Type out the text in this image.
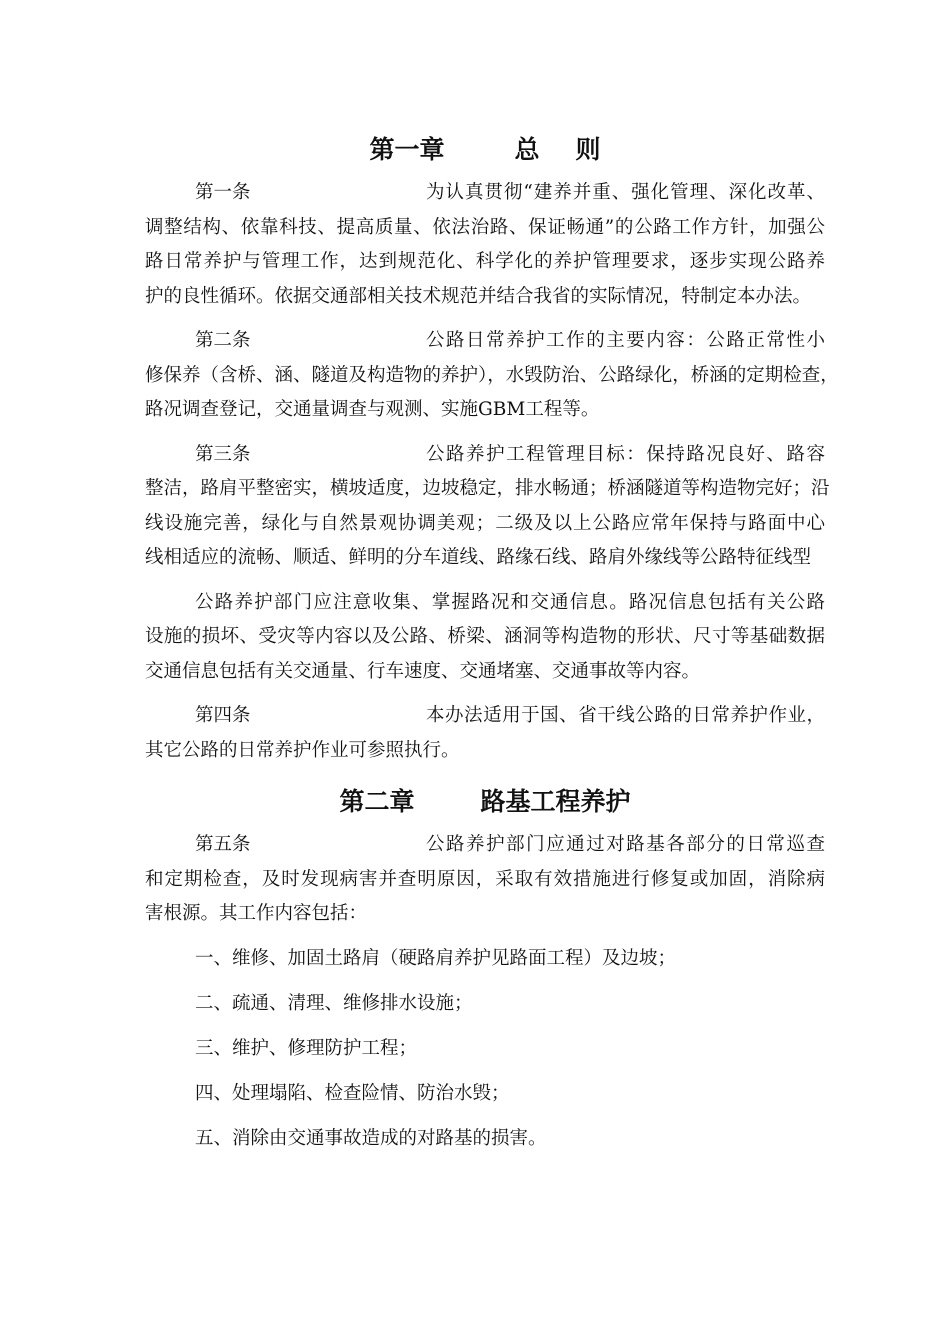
第一章	总 则
第一条	为认真贯彻“建养并重、强化管理、深化改革、
调整结构、依靠科技、提高质量、依法治路、保证畅通”的公路工作方针，加强公
路日常养护与管理工作，达到规范化、科学化的养护管理要求，逐步实现公路养
护的良性循环。依据交通部相关技术规范并结合我省的实际情况，特制定本办法。
第二条	公路日常养护工作的主要内容：公路正常性小
修保养（含桥、涵、隧道及构造物的养护），水毁防治、公路绿化，桥涵的定期检查，
路况调查登记，交通量调查与观测、实施GBM工程等。
第三条	公路养护工程管理目标：保持路况良好、路容
整洁，路肩平整密实，横坡适度，边坡稳定，排水畅通；桥涵隧道等构造物完好；沿
线设施完善，绿化与自然景观协调美观；二级及以上公路应常年保持与路面中心
线相适应的流畅、顺适、鲜明的分车道线、路缘石线、路肩外缘线等公路特征线型
公路养护部门应注意收集、掌握路况和交通信息。路况信息包括有关公路
设施的损坏、受灾等内容以及公路、桥梁、涵洞等构造物的形状、尺寸等基础数据
交通信息包括有关交通量、行车速度、交通堵塞、交通事故等内容。
第四条	本办法适用于国、省干线公路的日常养护作业，
其它公路的日常养护作业可参照执行。
第二章	路基工程养护
第五条	公路养护部门应通过对路基各部分的日常巡查
和定期检查，及时发现病害并查明原因，采取有效措施进行修复或加固，消除病
害根源。其工作内容包括：
一、维修、加固土路肩（硬路肩养护见路面工程）及边坡；
二、疏通、清理、维修排水设施；
三、维护、修理防护工程；
四、处理塌陷、检查险情、防治水毁；
五、消除由交通事故造成的对路基的损害。
